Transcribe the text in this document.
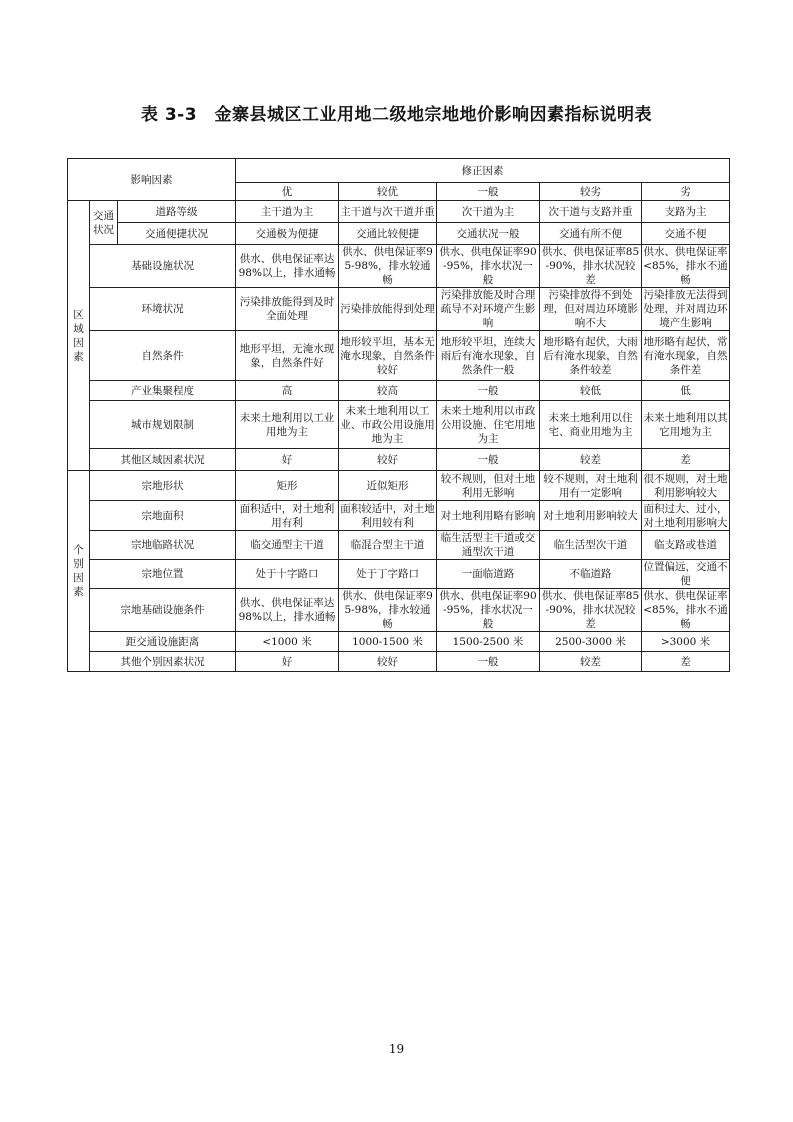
表 3-3　金寨县城区工业用地二级地宗地地价影响因素指标说明表
影响因素			修正因素				
			优	较优	一般	较劣	劣
区域因素	交通状况	道路等级	主干道为主	主干道与次干道并重	次干道为主	次干道与支路并重	支路为主
		交通便捷状况	交通极为便捷	交通比较便捷	交通状况一般	交通有所不便	交通不便
	基础设施状况		供水、供电保证率达98%以上，排水通畅	供水、供电保证率95-98%，排水较通畅	供水、供电保证率90-95%，排水状况一般	供水、供电保证率85-90%，排水状况较差	供水、供电保证率<85%，排水不通畅
	环境状况		污染排放能得到及时全面处理	污染排放能得到处理	污染排放能及时合理疏导不对环境产生影响	污染排放得不到处理，但对周边环境影响不大	污染排放无法得到处理，并对周边环境产生影响
	自然条件		地形平坦，无淹水现象，自然条件好	地形较平坦，基本无淹水现象，自然条件较好	地形较平坦，连续大雨后有淹水现象，自然条件一般	地形略有起伏，大雨后有淹水现象，自然条件较差	地形略有起伏，常有淹水现象，自然条件差
	产业集聚程度		高	较高	一般	较低	低
	城市规划限制		未来土地利用以工业用地为主	未来土地利用以工业、市政公用设施用地为主	未来土地利用以市政公用设施、住宅用地为主	未来土地利用以住宅、商业用地为主	未来土地利用以其它用地为主
	其他区域因素状况		好	较好	一般	较差	差
个别因素	宗地形状		矩形	近似矩形	较不规则，但对土地利用无影响	较不规则，对土地利用有一定影响	很不规则，对土地利用影响较大
	宗地面积		面积适中，对土地利用有利	面积较适中，对土地利用较有利	对土地利用略有影响	对土地利用影响较大	面积过大、过小，对土地利用影响大
	宗地临路状况		临交通型主干道	临混合型主干道	临生活型主干道或交通型次干道	临生活型次干道	临支路或巷道
	宗地位置		处于十字路口	处于丁字路口	一面临道路	不临道路	位置偏远，交通不便
	宗地基础设施条件		供水、供电保证率达98%以上，排水通畅	供水、供电保证率95-98%，排水较通畅	供水、供电保证率90-95%，排水状况一般	供水、供电保证率85-90%，排水状况较差	供水、供电保证率<85%，排水不通畅
	距交通设施距离		<1000 米	1000-1500 米	1500-2500 米	2500-3000 米	>3000 米
	其他个别因素状况		好	较好	一般	较差	差
19
